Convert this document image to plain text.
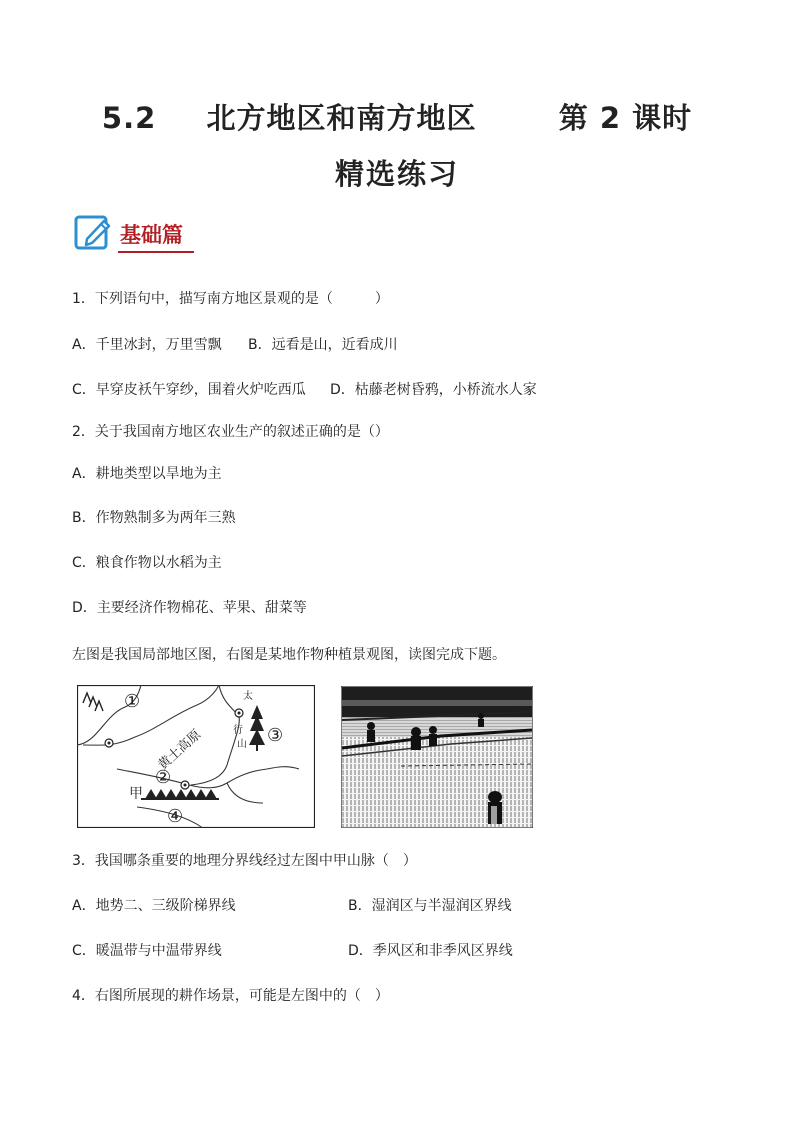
5.2 北方地区和南方地区	第 2 课时
精选练习
基础篇
1．下列语句中，描写南方地区景观的是（　　　）
A．千里冰封，万里雪飘 B．远看是山，近看成川
C．早穿皮袄午穿纱，围着火炉吃西瓜 D．枯藤老树昏鸦，小桥流水人家
2．关于我国南方地区农业生产的叙述正确的是（）
A．耕地类型以旱地为主
B．作物熟制多为两年三熟
C．粮食作物以水稻为主
D．主要经济作物棉花、苹果、甜菜等
左图是我国局部地区图，右图是某地作物种植景观图，读图完成下题。
黄土高原
甲
①
②
③
④
太
行
山
3．我国哪条重要的地理分界线经过左图中甲山脉（　）
A．地势二、三级阶梯界线	B．湿润区与半湿润区界线
C．暖温带与中温带界线	D．季风区和非季风区界线
4．右图所展现的耕作场景，可能是左图中的（　）
